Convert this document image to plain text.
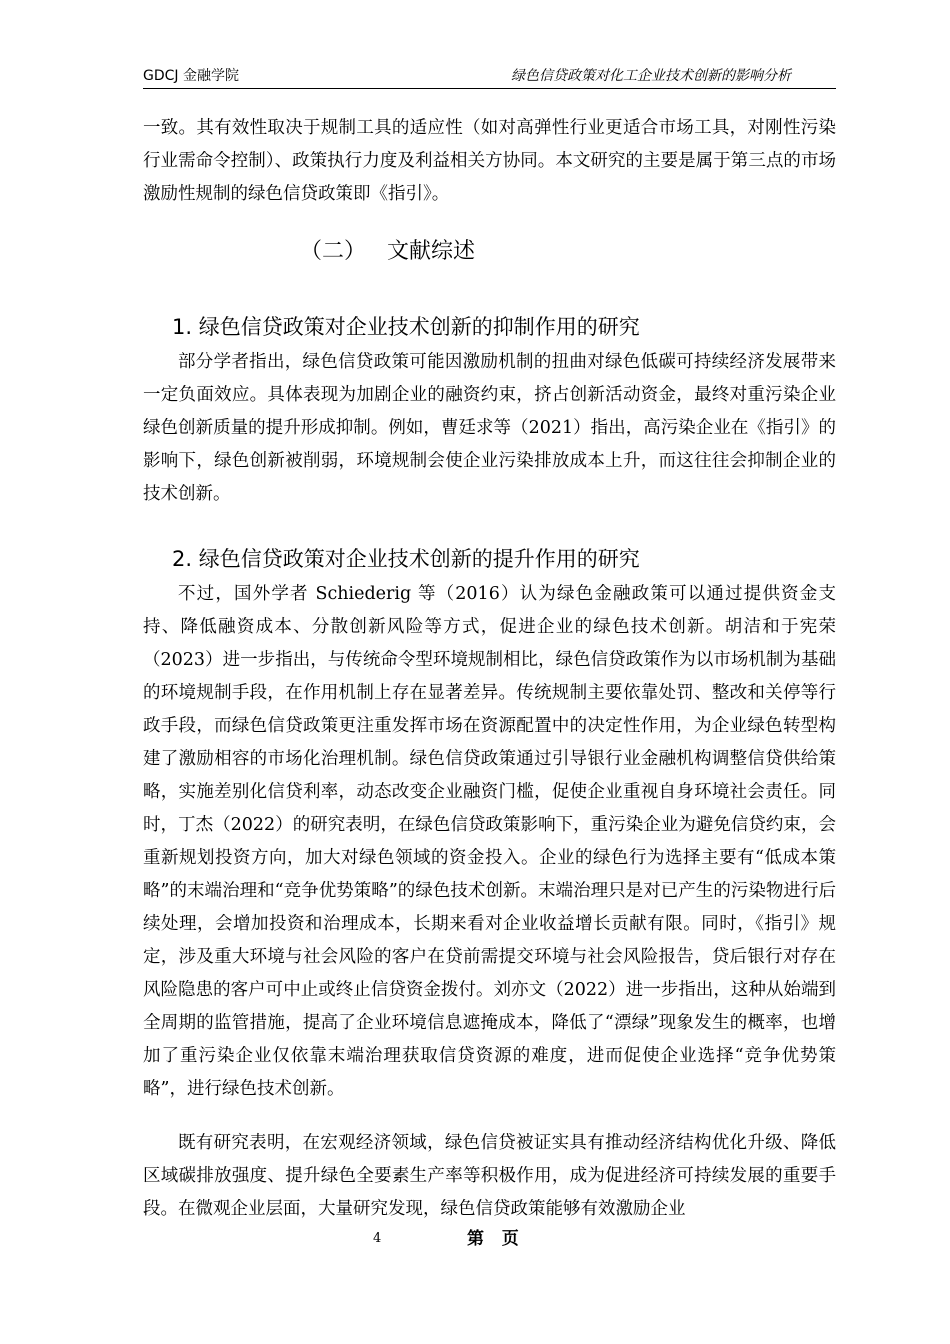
GDCJ 金融学院	绿色信贷政策对化工企业技术创新的影响分析

一致。其有效性取决于规制工具的适应性（如对高弹性行业更适合市场工具，对刚性污染行业需命令控制）、政策执行力度及利益相关方协同。本文研究的主要是属于第三点的市场激励性规制的绿色信贷政策即《指引》。

（二）   文献综述
1. 绿色信贷政策对企业技术创新的抑制作用的研究

部分学者指出，绿色信贷政策可能因激励机制的扭曲对绿色低碳可持续经济发展带来一定负面效应。具体表现为加剧企业的融资约束，挤占创新活动资金，最终对重污染企业绿色创新质量的提升形成抑制。例如，曹廷求等（2021）指出，高污染企业在《指引》的影响下，绿色创新被削弱，环境规制会使企业污染排放成本上升，而这往往会抑制企业的技术创新。

2. 绿色信贷政策对企业技术创新的提升作用的研究

不过，国外学者 Schiederig 等（2016）认为绿色金融政策可以通过提供资金支持、降低融资成本、分散创新风险等方式，促进企业的绿色技术创新。胡洁和于宪荣（2023）进一步指出，与传统命令型环境规制相比，绿色信贷政策作为以市场机制为基础的环境规制手段，在作用机制上存在显著差异。传统规制主要依靠处罚、整改和关停等行政手段，而绿色信贷政策更注重发挥市场在资源配置中的决定性作用，为企业绿色转型构建了激励相容的市场化治理机制。绿色信贷政策通过引导银行业金融机构调整信贷供给策略，实施差别化信贷利率，动态改变企业融资门槛，促使企业重视自身环境社会责任。同时，丁杰（2022）的研究表明，在绿色信贷政策影响下，重污染企业为避免信贷约束，会重新规划投资方向，加大对绿色领域的资金投入。企业的绿色行为选择主要有“低成本策略”的末端治理和“竞争优势策略”的绿色技术创新。末端治理只是对已产生的污染物进行后续处理，会增加投资和治理成本，长期来看对企业收益增长贡献有限。同时，《指引》规定，涉及重大环境与社会风险的客户在贷前需提交环境与社会风险报告，贷后银行对存在风险隐患的客户可中止或终止信贷资金拨付。刘亦文（2022）进一步指出，这种从始端到全周期的监管措施，提高了企业环境信息遮掩成本，降低了“漂绿”现象发生的概率，也增加了重污染企业仅依靠末端治理获取信贷资源的难度，进而促使企业选择“竞争优势策略”，进行绿色技术创新。

既有研究表明，在宏观经济领域，绿色信贷被证实具有推动经济结构优化升级、降低区域碳排放强度、提升绿色全要素生产率等积极作用，成为促进经济可持续发展的重要手段。在微观企业层面，大量研究发现，绿色信贷政策能够有效激励企业

4	第   页
